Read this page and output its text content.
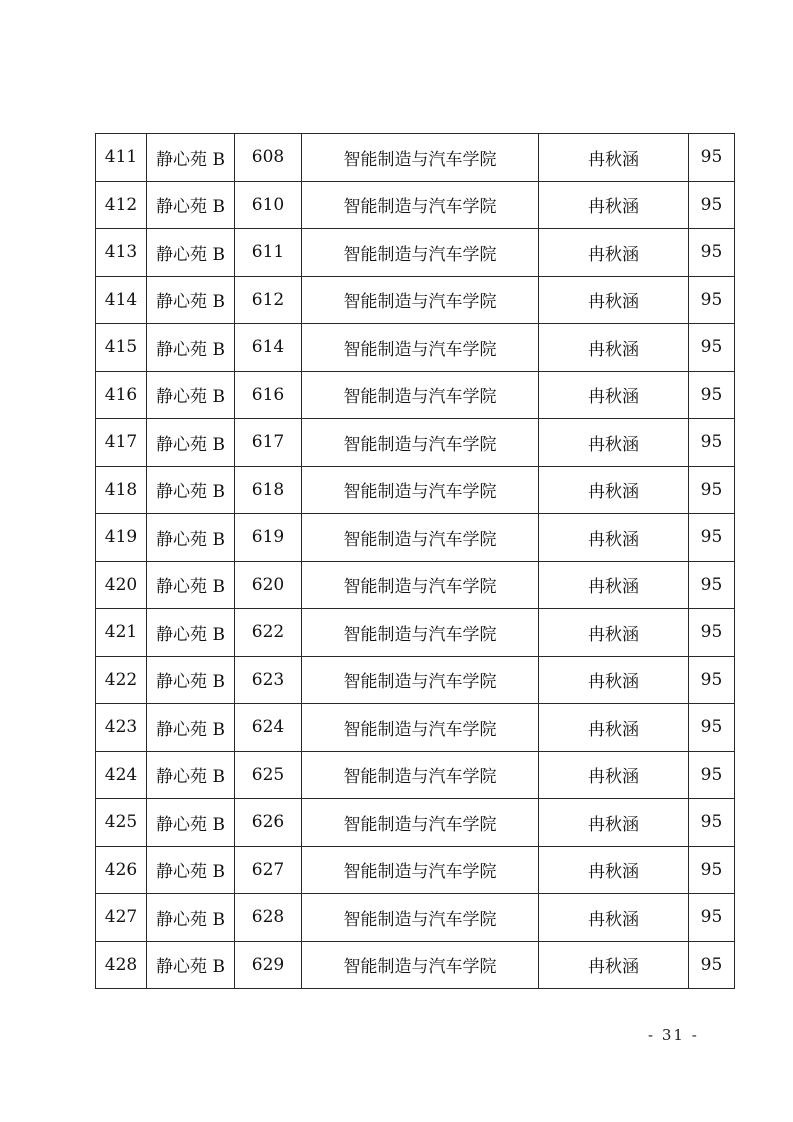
411	静心苑 B	608	智能制造与汽车学院	冉秋涵	95
412	静心苑 B	610	智能制造与汽车学院	冉秋涵	95
413	静心苑 B	611	智能制造与汽车学院	冉秋涵	95
414	静心苑 B	612	智能制造与汽车学院	冉秋涵	95
415	静心苑 B	614	智能制造与汽车学院	冉秋涵	95
416	静心苑 B	616	智能制造与汽车学院	冉秋涵	95
417	静心苑 B	617	智能制造与汽车学院	冉秋涵	95
418	静心苑 B	618	智能制造与汽车学院	冉秋涵	95
419	静心苑 B	619	智能制造与汽车学院	冉秋涵	95
420	静心苑 B	620	智能制造与汽车学院	冉秋涵	95
421	静心苑 B	622	智能制造与汽车学院	冉秋涵	95
422	静心苑 B	623	智能制造与汽车学院	冉秋涵	95
423	静心苑 B	624	智能制造与汽车学院	冉秋涵	95
424	静心苑 B	625	智能制造与汽车学院	冉秋涵	95
425	静心苑 B	626	智能制造与汽车学院	冉秋涵	95
426	静心苑 B	627	智能制造与汽车学院	冉秋涵	95
427	静心苑 B	628	智能制造与汽车学院	冉秋涵	95
428	静心苑 B	629	智能制造与汽车学院	冉秋涵	95
- 31 -
